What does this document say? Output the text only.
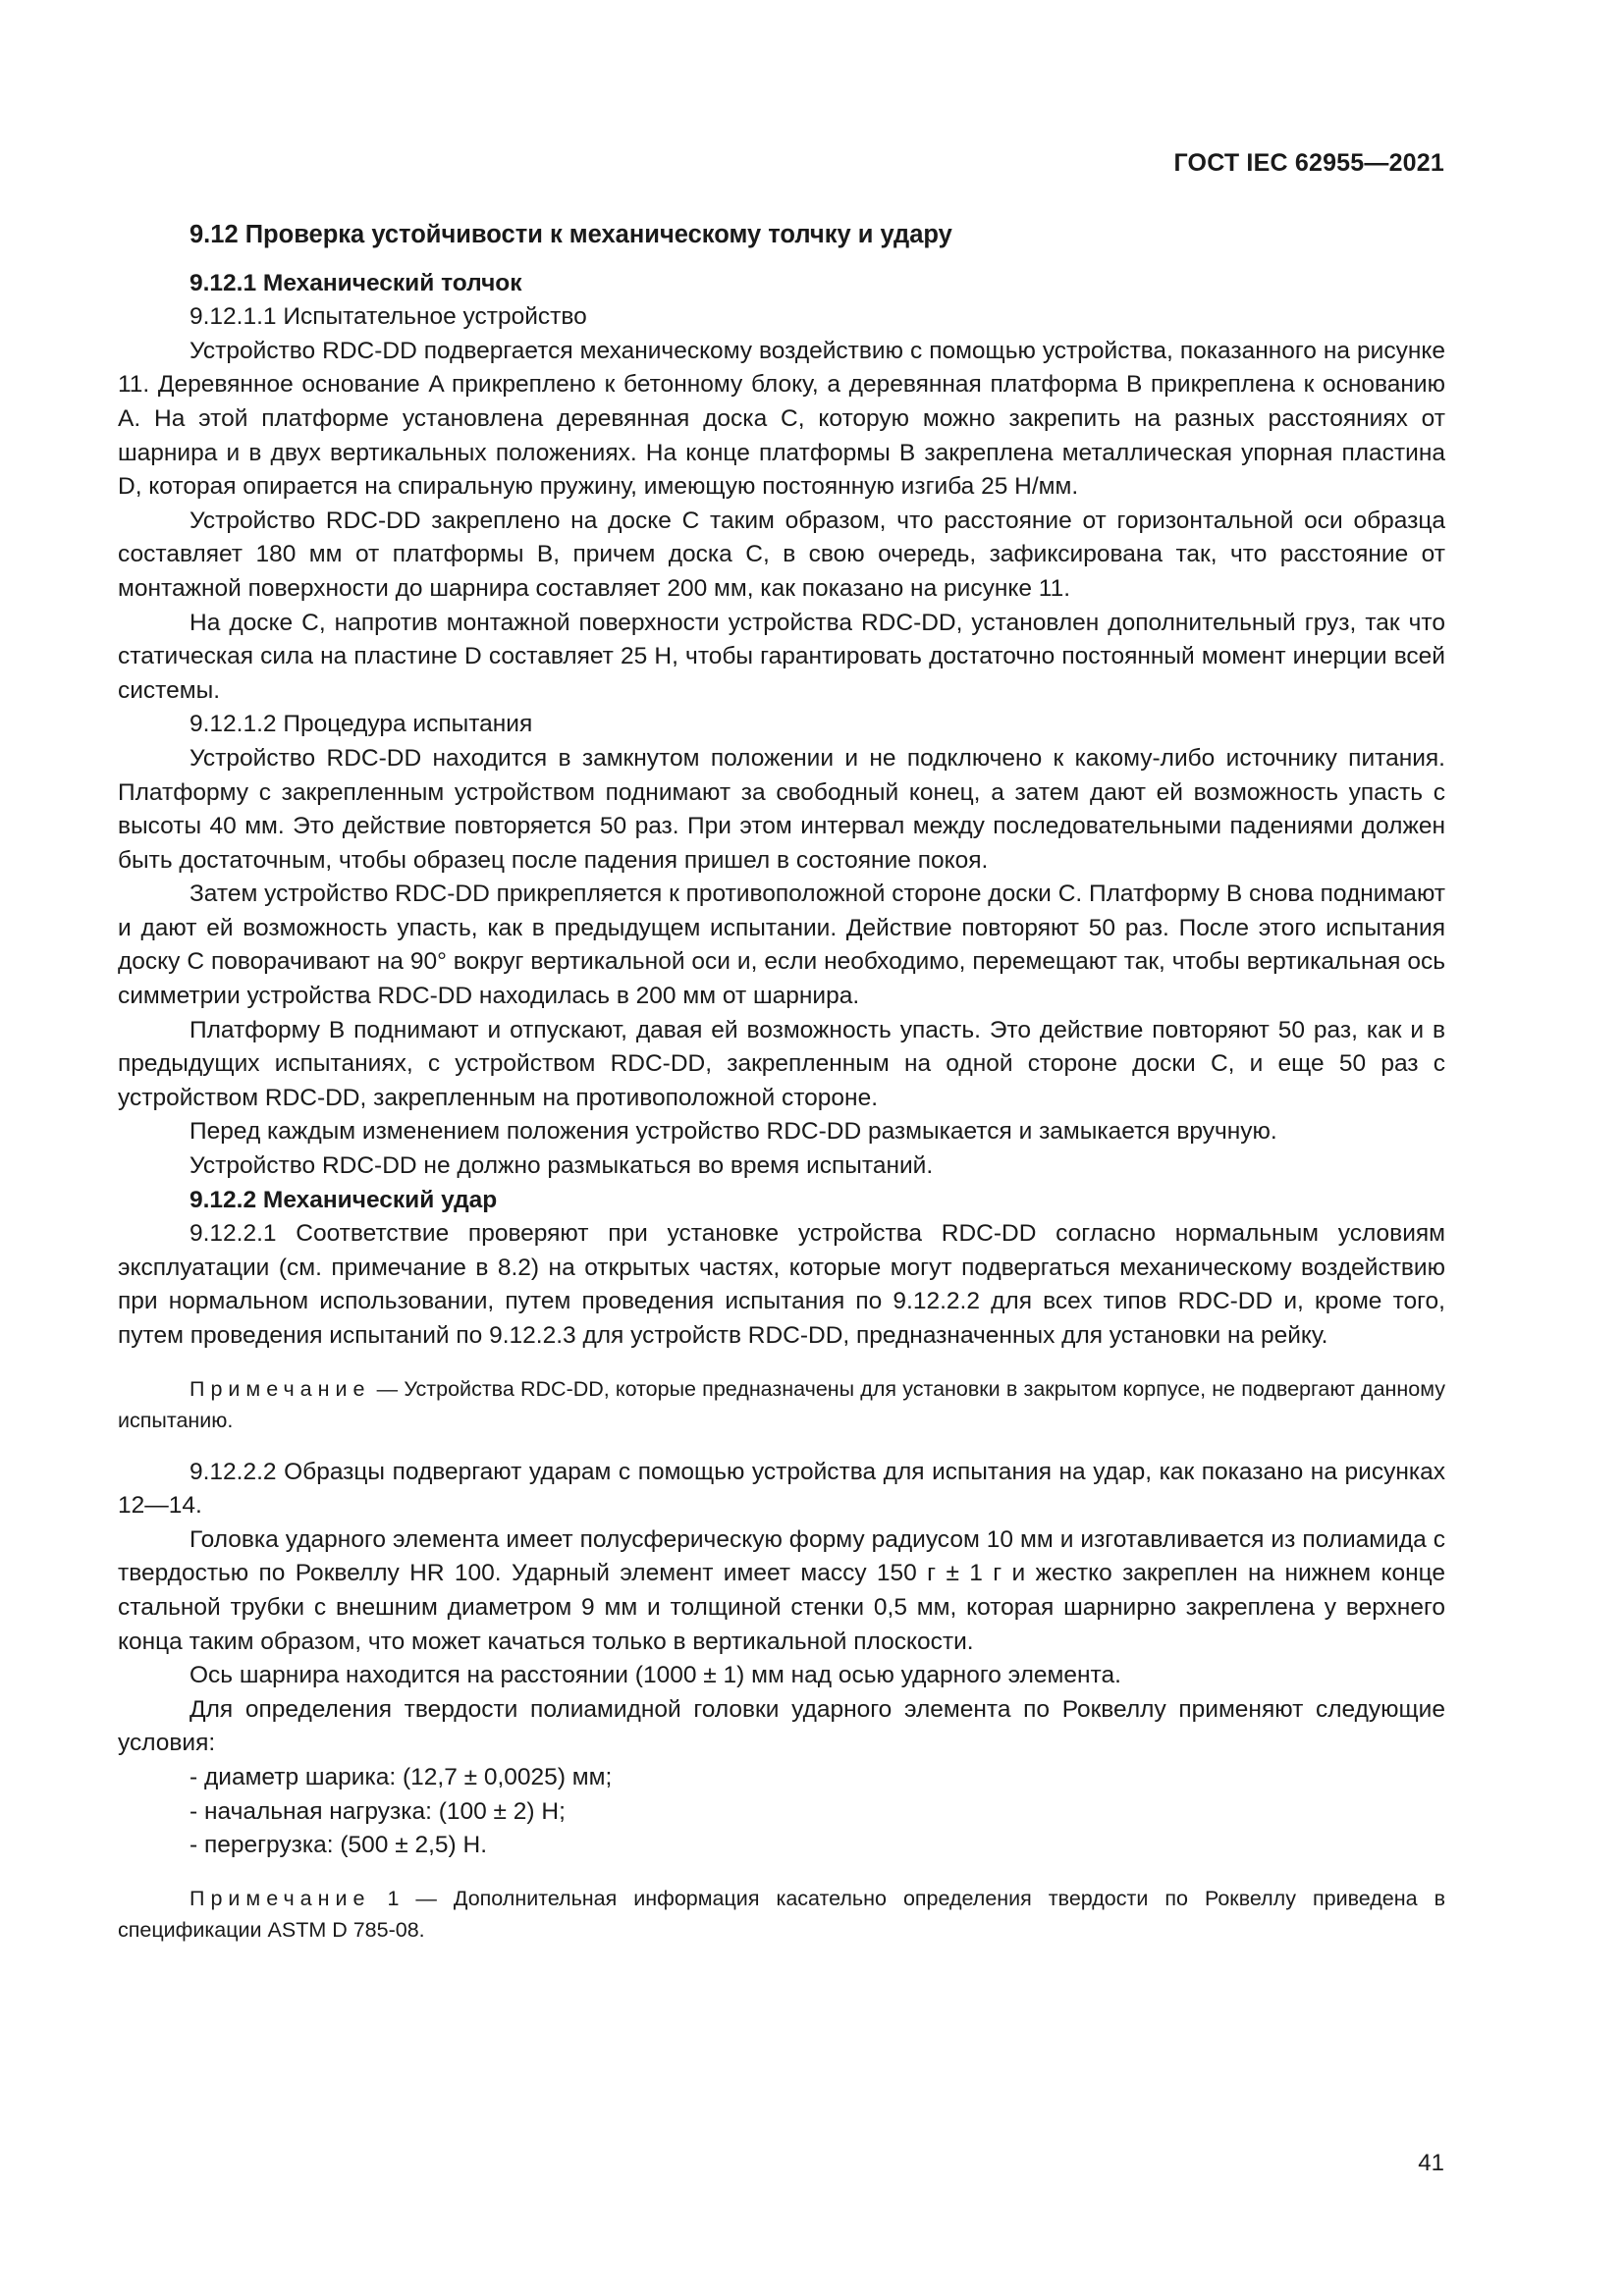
ГОСТ IEC 62955—2021

9.12 Проверка устойчивости к механическому толчку и удару

9.12.1 Механический толчок

9.12.1.1 Испытательное устройство

Устройство RDC-DD подвергается механическому воздействию с помощью устройства, показанного на рисунке 11. Деревянное основание A прикреплено к бетонному блоку, а деревянная платформа B прикреплена к основанию A. На этой платформе установлена деревянная доска C, которую можно закрепить на разных расстояниях от шарнира и в двух вертикальных положениях. На конце платформы B закреплена металлическая упорная пластина D, которая опирается на спиральную пружину, имеющую постоянную изгиба 25 Н/мм.

Устройство RDC-DD закреплено на доске C таким образом, что расстояние от горизонтальной оси образца составляет 180 мм от платформы B, причем доска C, в свою очередь, зафиксирована так, что расстояние от монтажной поверхности до шарнира составляет 200 мм, как показано на рисунке 11.

На доске C, напротив монтажной поверхности устройства RDC-DD, установлен дополнительный груз, так что статическая сила на пластине D составляет 25 Н, чтобы гарантировать достаточно постоянный момент инерции всей системы.

9.12.1.2 Процедура испытания

Устройство RDC-DD находится в замкнутом положении и не подключено к какому-либо источнику питания. Платформу с закрепленным устройством поднимают за свободный конец, а затем дают ей возможность упасть с высоты 40 мм. Это действие повторяется 50 раз. При этом интервал между последовательными падениями должен быть достаточным, чтобы образец после падения пришел в состояние покоя.

Затем устройство RDC-DD прикрепляется к противоположной стороне доски C. Платформу B снова поднимают и дают ей возможность упасть, как в предыдущем испытании. Действие повторяют 50 раз. После этого испытания доску C поворачивают на 90° вокруг вертикальной оси и, если необходимо, перемещают так, чтобы вертикальная ось симметрии устройства RDC-DD находилась в 200 мм от шарнира.

Платформу B поднимают и отпускают, давая ей возможность упасть. Это действие повторяют 50 раз, как и в предыдущих испытаниях, с устройством RDC-DD, закрепленным на одной стороне доски C, и еще 50 раз с устройством RDC-DD, закрепленным на противоположной стороне.

Перед каждым изменением положения устройство RDC-DD размыкается и замыкается вручную.

Устройство RDC-DD не должно размыкаться во время испытаний.

9.12.2 Механический удар

9.12.2.1 Соответствие проверяют при установке устройства RDC-DD согласно нормальным условиям эксплуатации (см. примечание в 8.2) на открытых частях, которые могут подвергаться механическому воздействию при нормальном использовании, путем проведения испытания по 9.12.2.2 для всех типов RDC-DD и, кроме того, путем проведения испытаний по 9.12.2.3 для устройств RDC-DD, предназначенных для установки на рейку.

Примечание — Устройства RDC-DD, которые предназначены для установки в закрытом корпусе, не подвергают данному испытанию.

9.12.2.2 Образцы подвергают ударам с помощью устройства для испытания на удар, как показано на рисунках 12—14.

Головка ударного элемента имеет полусферическую форму радиусом 10 мм и изготавливается из полиамида с твердостью по Роквеллу HR 100. Ударный элемент имеет массу 150 г ± 1 г и жестко закреплен на нижнем конце стальной трубки с внешним диаметром 9 мм и толщиной стенки 0,5 мм, которая шарнирно закреплена у верхнего конца таким образом, что может качаться только в вертикальной плоскости.

Ось шарнира находится на расстоянии (1000 ± 1) мм над осью ударного элемента.

Для определения твердости полиамидной головки ударного элемента по Роквеллу применяют следующие условия:

- диаметр шарика: (12,7 ± 0,0025) мм;
- начальная нагрузка: (100 ± 2) Н;
- перегрузка: (500 ± 2,5) Н.

Примечание 1 — Дополнительная информация касательно определения твердости по Роквеллу приведена в спецификации ASTM D 785-08.

41
